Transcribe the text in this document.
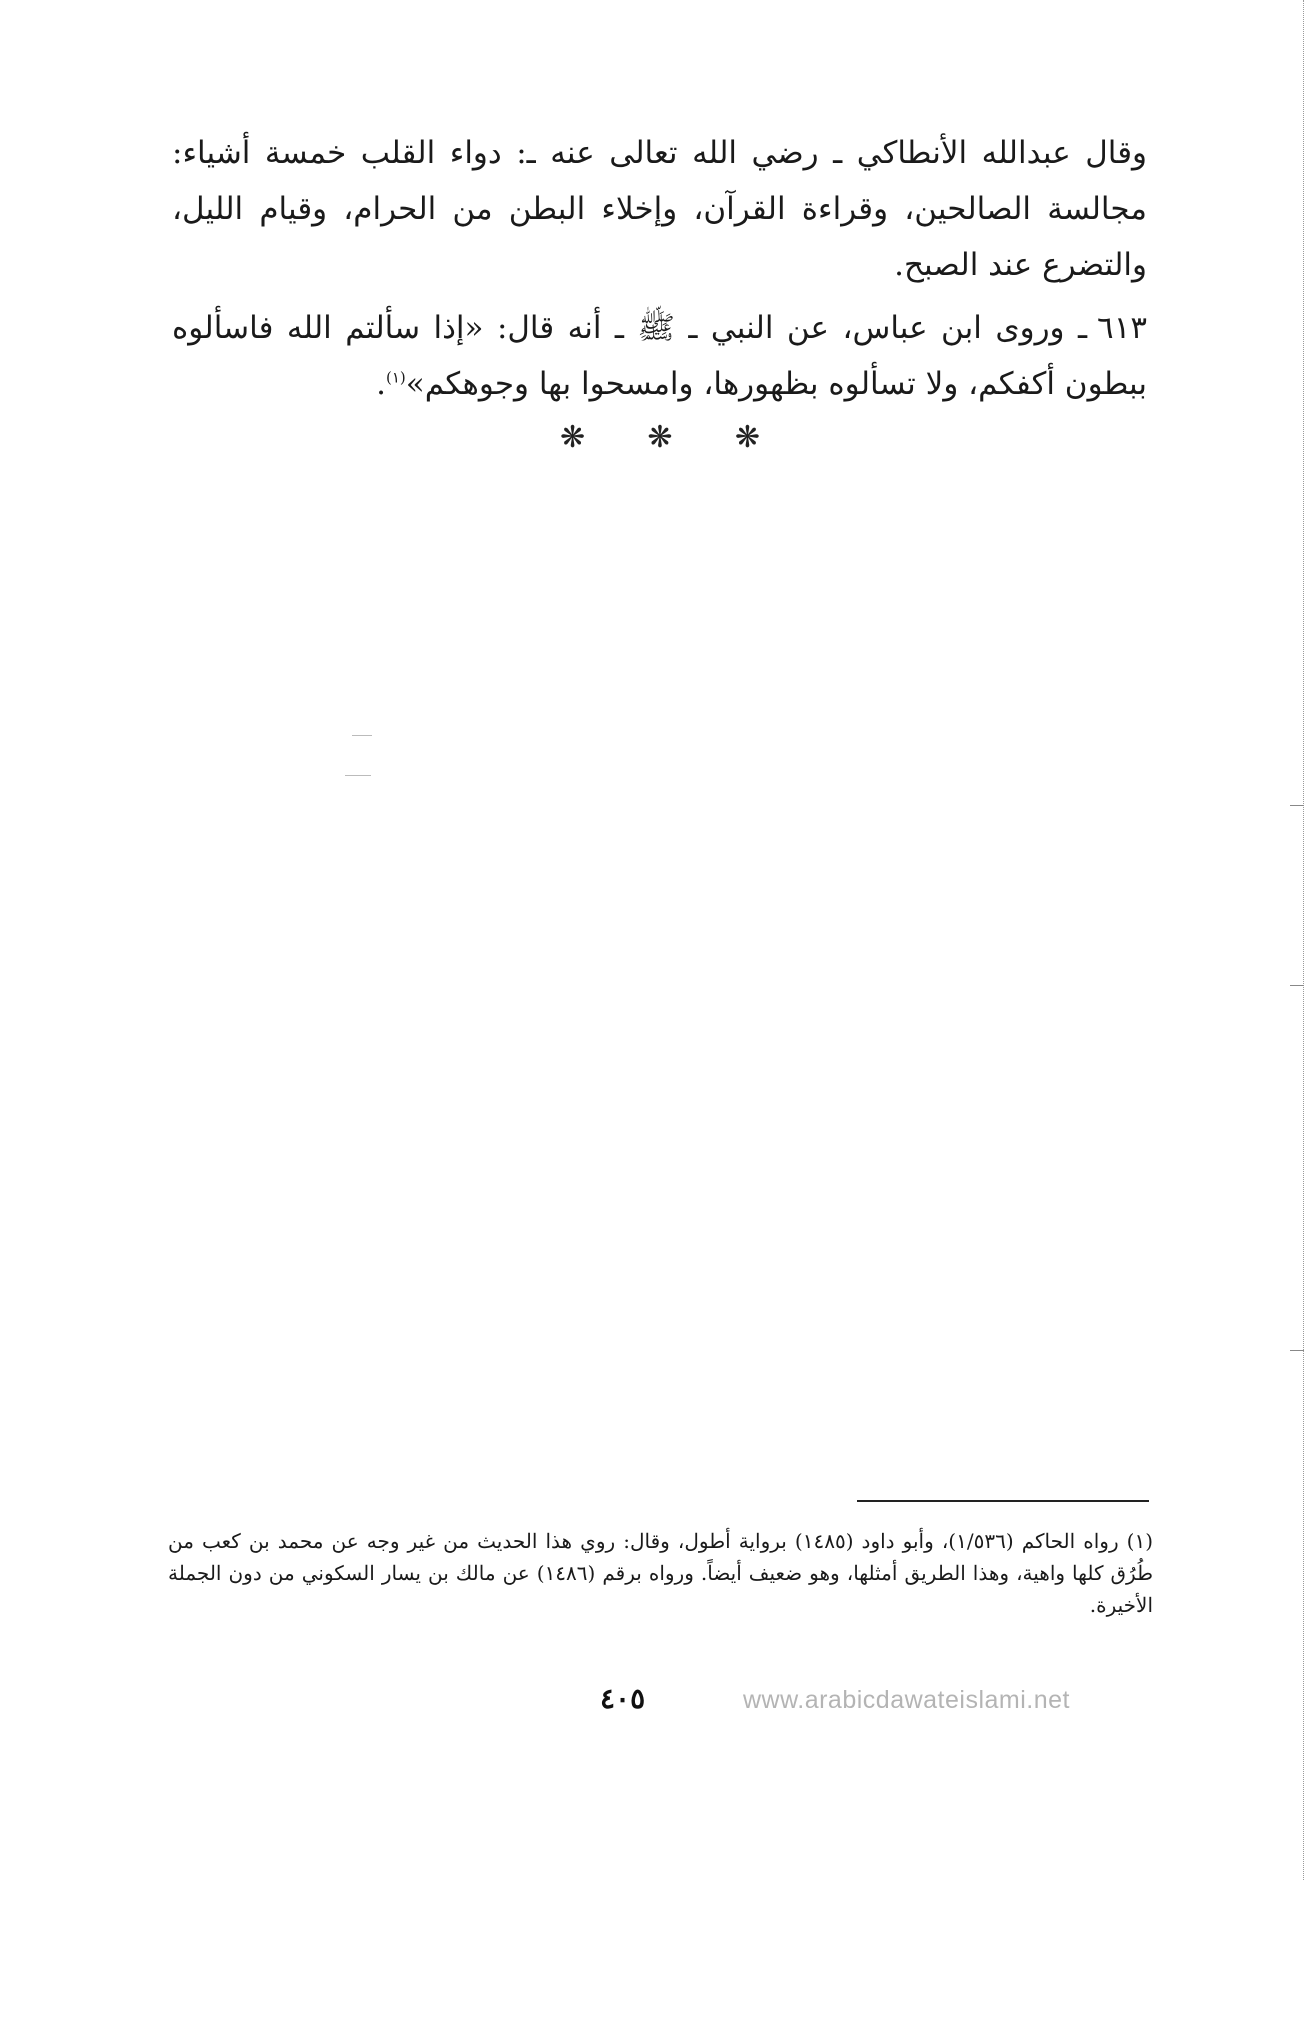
وقال عبدالله الأنطاكي ـ رضي الله تعالى عنه ـ: دواء القلب خمسة أشياء: مجالسة الصالحين، وقراءة القرآن، وإخلاء البطن من الحرام، وقيام الليل، والتضرع عند الصبح.
٦١٣ـ وروى ابن عباس، عن النبي ـ ﷺ ـ أنه قال: «إذا سألتم الله فاسألوه ببطون أكفكم، ولا تسألوه بظهورها، وامسحوا بها وجوهكم»$^{(١)}$.
❋ ❋ ❋
(١)رواه الحاكم (١/٥٣٦)، وأبو داود (١٤٨٥) برواية أطول، وقال: روي هذا الحديث من غير وجه عن محمد بن كعب من طُرُق كلها واهية، وهذا الطريق أمثلها، وهو ضعيف أيضاً. ورواه برقم (١٤٨٦) عن مالك بن يسار السكوني من دون الجملة الأخيرة.
٤٠٥	www.arabicdawateislami.net
